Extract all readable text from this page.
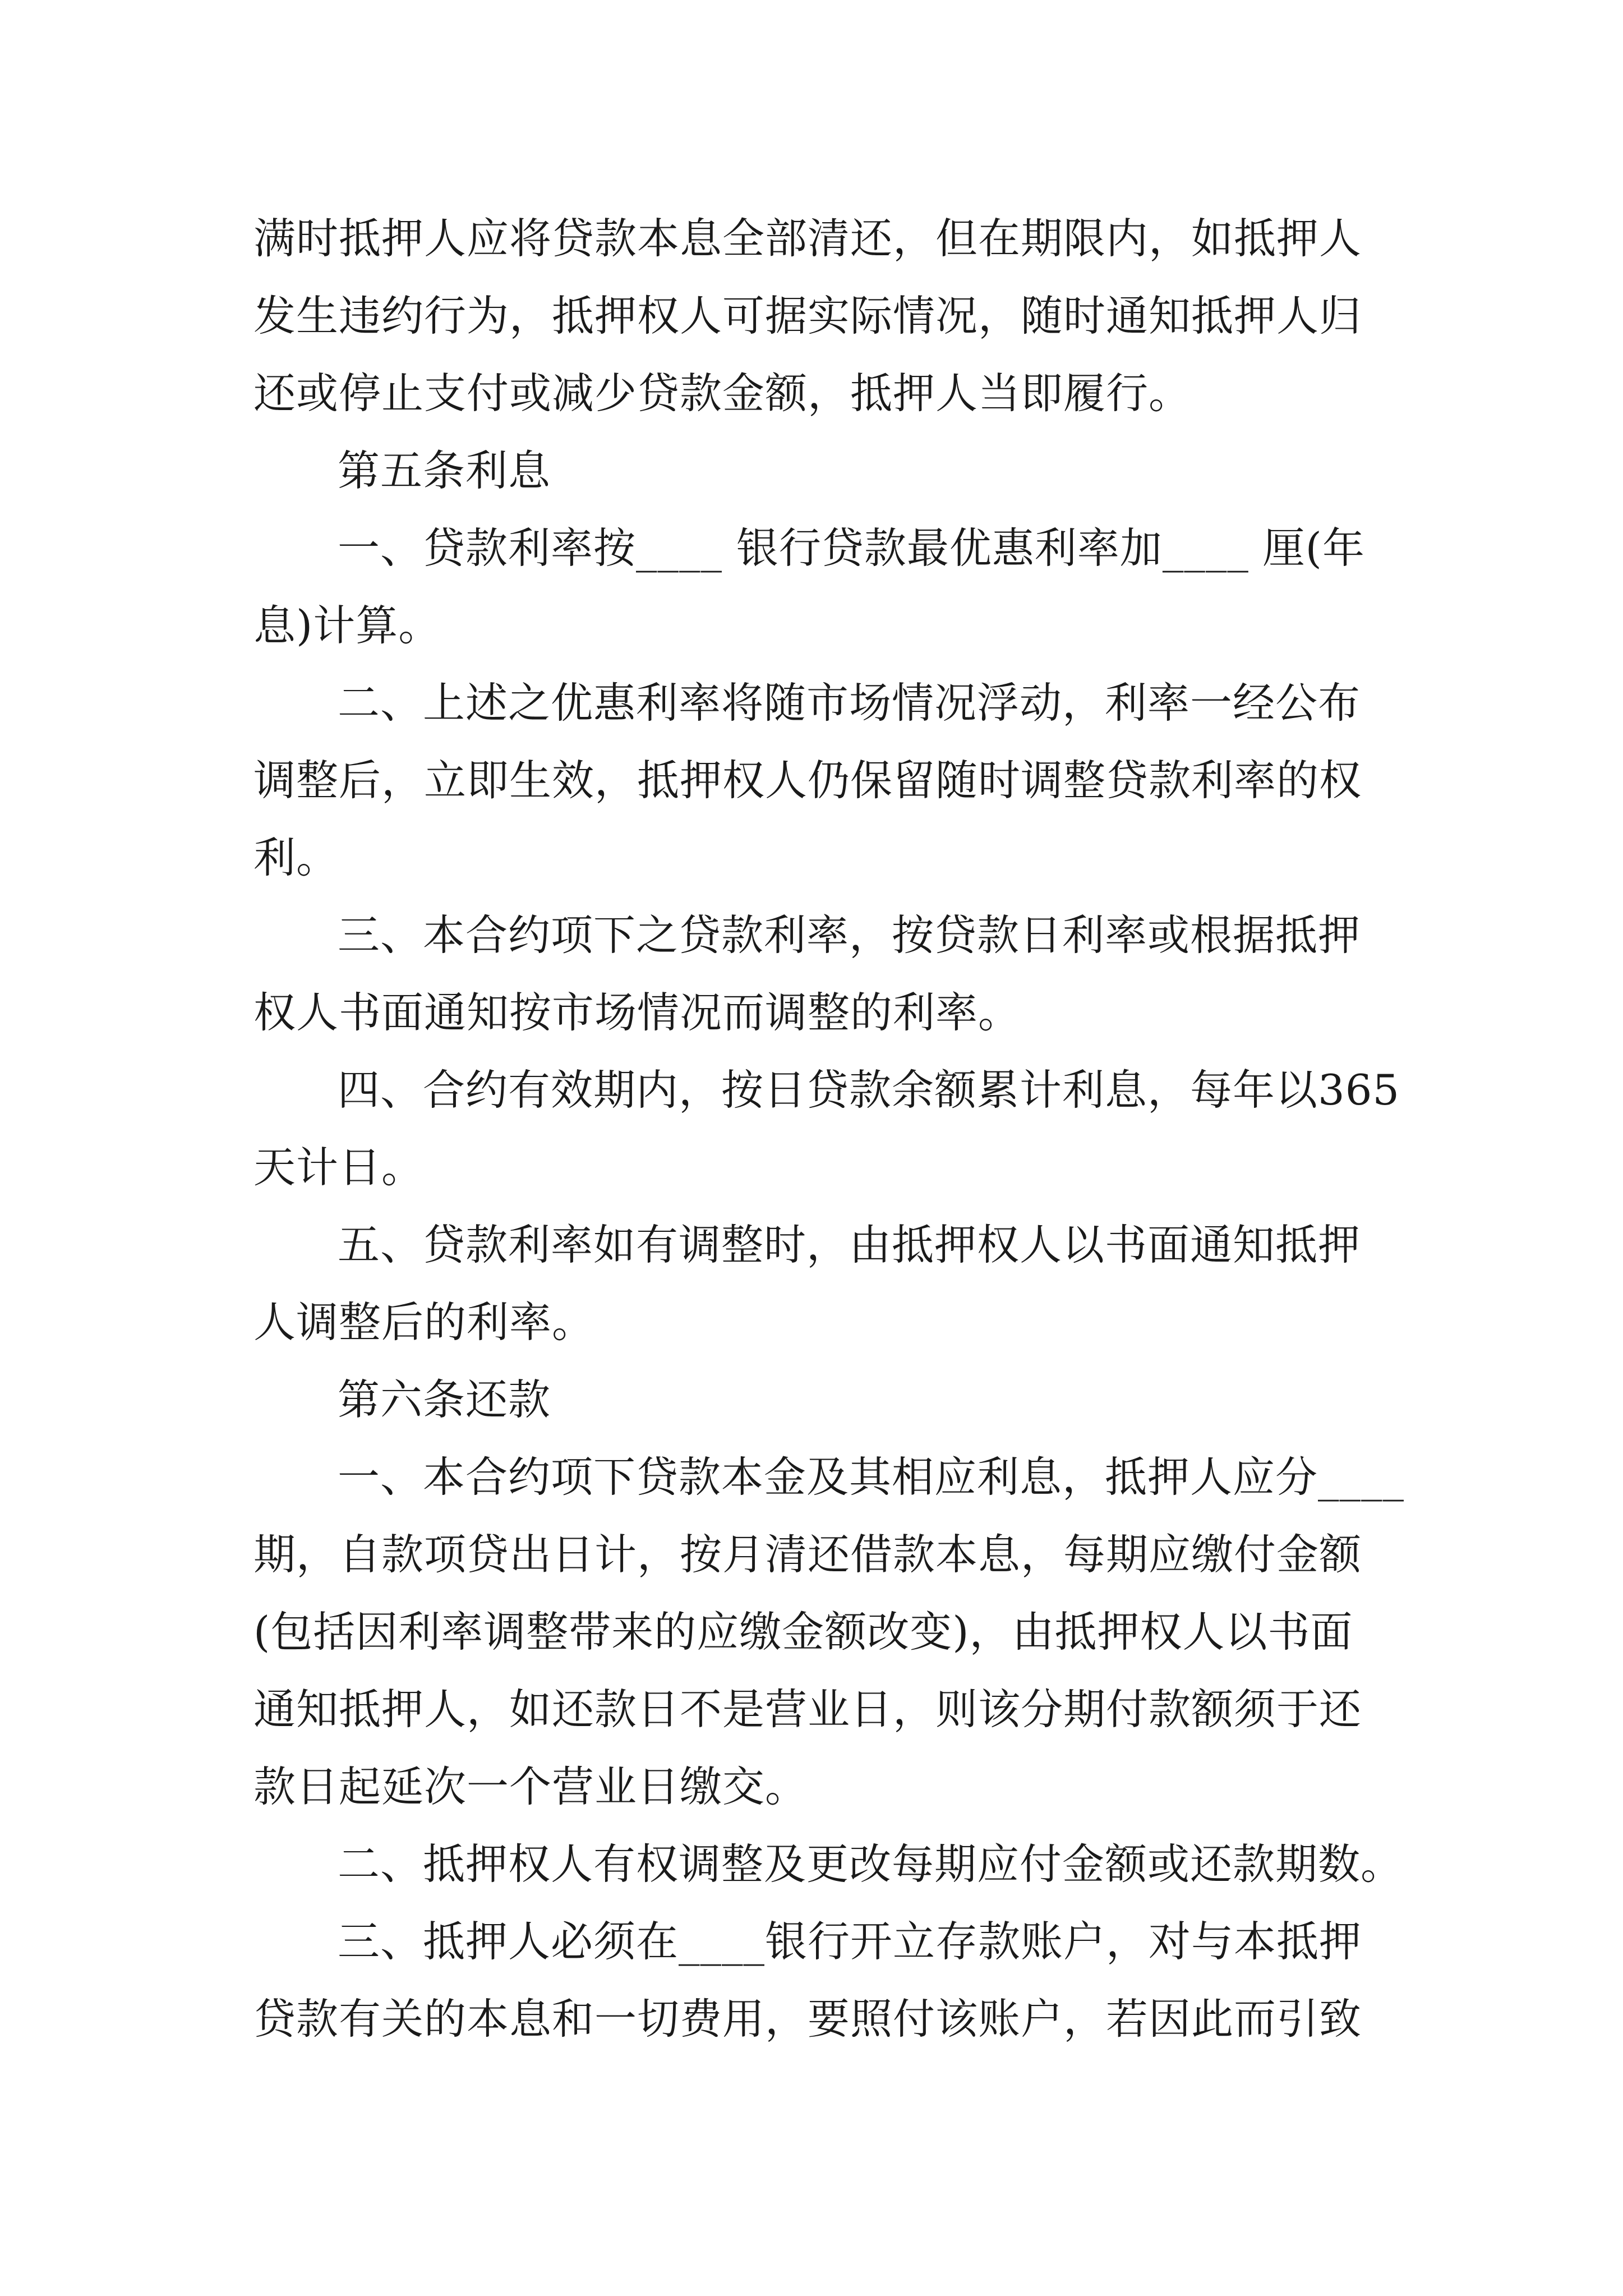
满时抵押人应将贷款本息全部清还，但在期限内，如抵押人
发生违约行为，抵押权人可据实际情况，随时通知抵押人归
还或停止支付或减少贷款金额，抵押人当即履行。
第五条利息
一、贷款利率按____ 银行贷款最优惠利率加____ 厘(年
息)计算。
二、上述之优惠利率将随市场情况浮动，利率一经公布
调整后，立即生效，抵押权人仍保留随时调整贷款利率的权
利。
三、本合约项下之贷款利率，按贷款日利率或根据抵押
权人书面通知按市场情况而调整的利率。
四、合约有效期内，按日贷款余额累计利息，每年以365
天计日。
五、贷款利率如有调整时，由抵押权人以书面通知抵押
人调整后的利率。
第六条还款
一、本合约项下贷款本金及其相应利息，抵押人应分____
期，自款项贷出日计，按月清还借款本息，每期应缴付金额
(包括因利率调整带来的应缴金额改变)，由抵押权人以书面
通知抵押人，如还款日不是营业日，则该分期付款额须于还
款日起延次一个营业日缴交。
二、抵押权人有权调整及更改每期应付金额或还款期数。
三、抵押人必须在____银行开立存款账户，对与本抵押
贷款有关的本息和一切费用，要照付该账户，若因此而引致
